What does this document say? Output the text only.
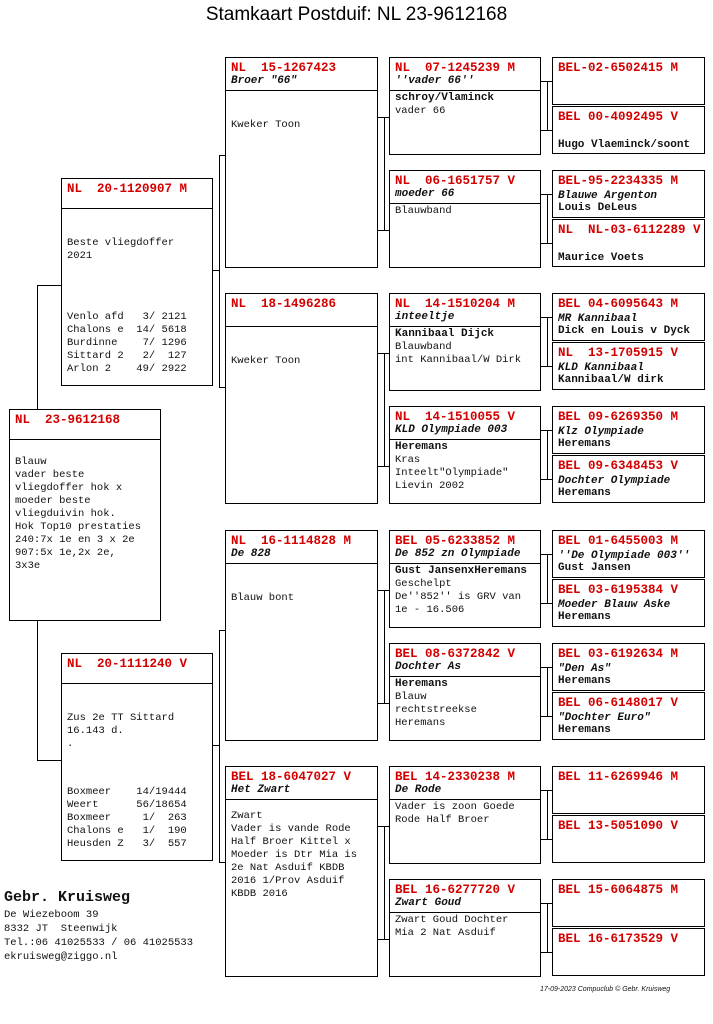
Stamkaart Postduif: NL 23-9612168
NL  23-9612168
Blauw
vader beste
vliegdoffer hok x
moeder beste
vliegduivin hok.
Hok Top10 prestaties
240:7x 1e en 3 x 2e
907:5x 1e,2x 2e,
3x3e
NL  20-1120907 M
Beste vliegdoffer
2021
Venlo afd   3/ 2121
Chalons e  14/ 5618
Burdinne    7/ 1296
Sittard 2   2/  127
Arlon 2    49/ 2922
NL  20-1111240 V
Zus 2e TT Sittard
16.143 d.
.
Boxmeer    14/19444
Weert      56/18654
Boxmeer     1/  263
Chalons e   1/  190
Heusden Z   3/  557
NL  15-1267423
Broer "66"
Kweker Toon
NL  18-1496286
Kweker Toon
NL  16-1114828 M
De 828
Blauw bont
BEL 18-6047027 V
Het Zwart
Zwart
Vader is vande Rode
Half Broer Kittel x
Moeder is Dtr Mia is
2e Nat Asduif KBDB
2016 1/Prov Asduif
KBDB 2016
NL  07-1245239 M
''vader 66''
schroy/Vlaminck
vader 66
NL  06-1651757 V
moeder 66
Blauwband
NL  14-1510204 M
inteeltje
Kannibaal Dijck
Blauwband
int Kannibaal/W Dirk
NL  14-1510055 V
KLD Olympiade 003
Heremans
Kras
Inteelt"Olympiade"
Lievin 2002
BEL 05-6233852 M
De 852 zn Olympiade
Gust JansenxHeremans
Geschelpt
De''852'' is GRV van
1e - 16.506
BEL 08-6372842 V
Dochter As
Heremans
Blauw
rechtstreekse
Heremans
BEL 14-2330238 M
De Rode
Vader is zoon Goede
Rode Half Broer
BEL 16-6277720 V
Zwart Goud
Zwart Goud Dochter
Mia 2 Nat Asduif
BEL-02-6502415 M
BEL 00-4092495 V
Hugo Vlaeminck/soont
BEL-95-2234335 M
Blauwe Argenton
Louis DeLeus
NL  NL-03-6112289 V
Maurice Voets
BEL 04-6095643 M
MR Kannibaal
Dick en Louis v Dyck
NL  13-1705915 V
KLD Kannibaal
Kannibaal/W dirk
BEL 09-6269350 M
Klz Olympiade
Heremans
BEL 09-6348453 V
Dochter Olympiade
Heremans
BEL 01-6455003 M
''De Olympiade 003''
Gust Jansen
BEL 03-6195384 V
Moeder Blauw Aske
Heremans
BEL 03-6192634 M
"Den As"
Heremans
BEL 06-6148017 V
"Dochter Euro"
Heremans
BEL 11-6269946 M
BEL 13-5051090 V
BEL 15-6064875 M
BEL 16-6173529 V
Gebr. Kruisweg
De Wiezeboom 39
8332 JT  Steenwijk
Tel.:06 41025533 / 06 41025533
ekruisweg@ziggo.nl
17-09-2023 Compuclub © Gebr. Kruisweg
